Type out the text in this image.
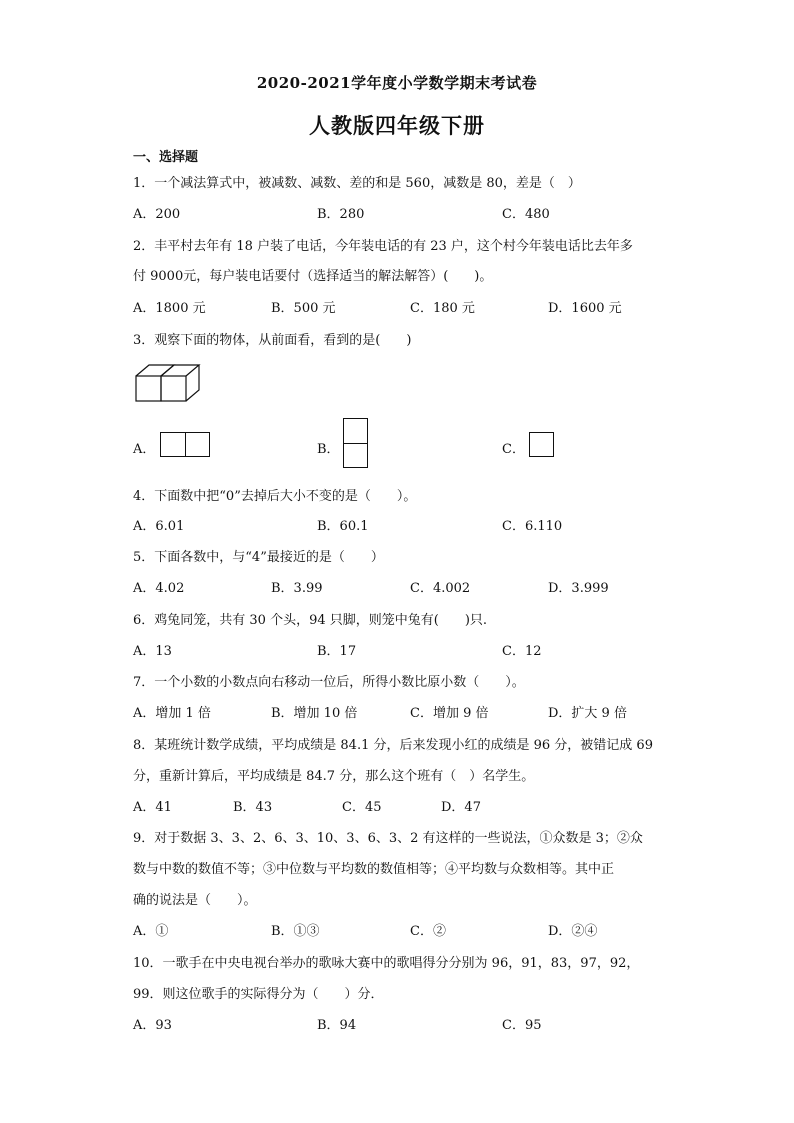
2020-2021学年度小学数学期末考试卷
人教版四年级下册
一、选择题
1．一个减法算式中，被减数、减数、差的和是 560，减数是 80，差是（　）
A．200	B．280	C．480
2．丰平村去年有 18 户装了电话，今年装电话的有 23 户，这个村今年装电话比去年多
付 9000元，每户装电话要付（选择适当的解法解答）(　　)。
A．1800 元	B．500 元	C．180 元	D．1600 元
3．观察下面的物体，从前面看，看到的是(　　)
A．	B．	C．
4．下面数中把“0”去掉后大小不变的是（　　）。
A．6.01	B．60.1	C．6.110
5．下面各数中，与“4”最接近的是（　　）
A．4.02	B．3.99	C．4.002	D．3.999
6．鸡兔同笼，共有 30 个头，94 只脚，则笼中兔有(　　)只.
A．13	B．17	C．12
7．一个小数的小数点向右移动一位后，所得小数比原小数（　　）。
A．增加 1 倍	B．增加 10 倍	C．增加 9 倍	D．扩大 9 倍
8．某班统计数学成绩，平均成绩是 84.1 分，后来发现小红的成绩是 96 分，被错记成 69
分，重新计算后，平均成绩是 84.7 分，那么这个班有（　）名学生。
A．41	B．43	C．45	D．47
9．对于数据 3、3、2、6、3、10、3、6、3、2 有这样的一些说法，①众数是 3；②众
数与中数的数值不等；③中位数与平均数的数值相等；④平均数与众数相等。其中正
确的说法是（　　）。
A．①	B．①③	C．②	D．②④
10．一歌手在中央电视台举办的歌咏大赛中的歌唱得分分别为 96，91，83，97，92，
99．则这位歌手的实际得分为（　　）分．
A．93	B．94	C．95
